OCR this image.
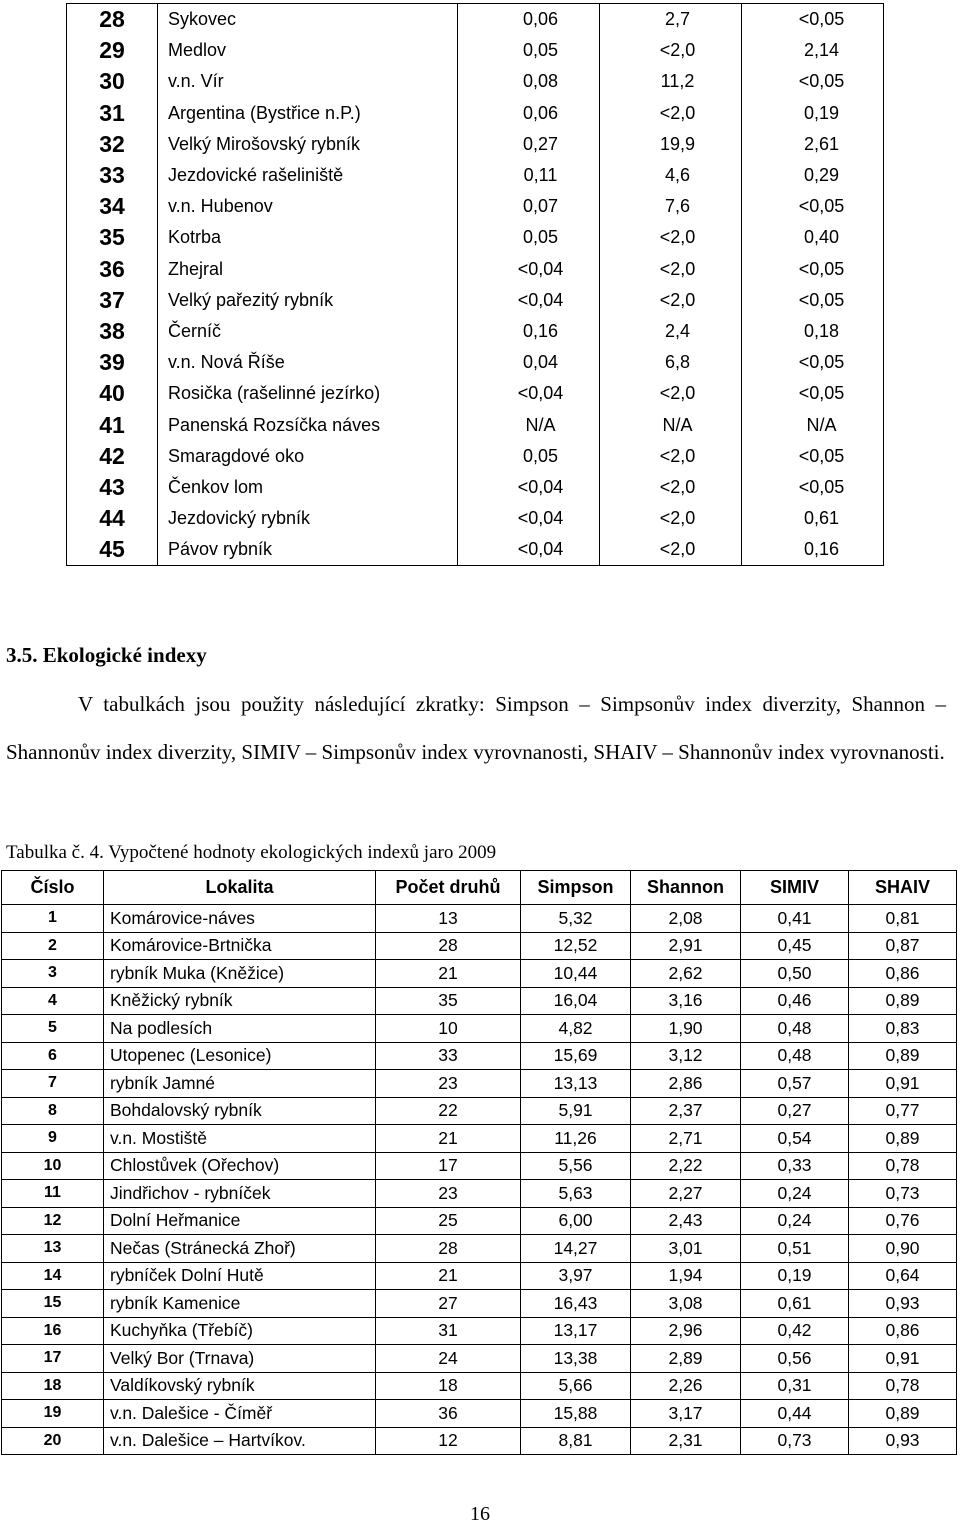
28	Sykovec	0,06	2,7	<0,05
29	Medlov	0,05	<2,0	2,14
30	v.n. Vír	0,08	11,2	<0,05
31	Argentina (Bystřice n.P.)	0,06	<2,0	0,19
32	Velký Mirošovský rybník	0,27	19,9	2,61
33	Jezdovické rašeliniště	0,11	4,6	0,29
34	v.n. Hubenov	0,07	7,6	<0,05
35	Kotrba	0,05	<2,0	0,40
36	Zhejral	<0,04	<2,0	<0,05
37	Velký pařezitý rybník	<0,04	<2,0	<0,05
38	Černíč	0,16	2,4	0,18
39	v.n. Nová Říše	0,04	6,8	<0,05
40	Rosička (rašelinné jezírko)	<0,04	<2,0	<0,05
41	Panenská Rozsíčka náves	N/A	N/A	N/A
42	Smaragdové oko	0,05	<2,0	<0,05
43	Čenkov lom	<0,04	<2,0	<0,05
44	Jezdovický rybník	<0,04	<2,0	0,61
45	Pávov rybník	<0,04	<2,0	0,16

3.5. Ekologické indexy

V tabulkách jsou použity následující zkratky: Simpson – Simpsonův index diverzity, Shannon – Shannonův index diverzity, SIMIV – Simpsonův index vyrovnanosti, SHAIV – Shannonův index vyrovnanosti.

Tabulka č. 4. Vypočtené hodnoty ekologických indexů jaro 2009

Číslo	Lokalita	Počet druhů	Simpson	Shannon	SIMIV	SHAIV
1	Komárovice-náves	13	5,32	2,08	0,41	0,81
2	Komárovice-Brtnička	28	12,52	2,91	0,45	0,87
3	rybník Muka (Kněžice)	21	10,44	2,62	0,50	0,86
4	Kněžický rybník	35	16,04	3,16	0,46	0,89
5	Na podlesích	10	4,82	1,90	0,48	0,83
6	Utopenec (Lesonice)	33	15,69	3,12	0,48	0,89
7	rybník Jamné	23	13,13	2,86	0,57	0,91
8	Bohdalovský rybník	22	5,91	2,37	0,27	0,77
9	v.n. Mostiště	21	11,26	2,71	0,54	0,89
10	Chlostůvek (Ořechov)	17	5,56	2,22	0,33	0,78
11	Jindřichov - rybníček	23	5,63	2,27	0,24	0,73
12	Dolní Heřmanice	25	6,00	2,43	0,24	0,76
13	Nečas (Stránecká Zhoř)	28	14,27	3,01	0,51	0,90
14	rybníček Dolní Hutě	21	3,97	1,94	0,19	0,64
15	rybník Kamenice	27	16,43	3,08	0,61	0,93
16	Kuchyňka (Třebíč)	31	13,17	2,96	0,42	0,86
17	Velký Bor (Trnava)	24	13,38	2,89	0,56	0,91
18	Valdíkovský rybník	18	5,66	2,26	0,31	0,78
19	v.n. Dalešice - Číměř	36	15,88	3,17	0,44	0,89
20	v.n. Dalešice – Hartvíkov.	12	8,81	2,31	0,73	0,93

16
